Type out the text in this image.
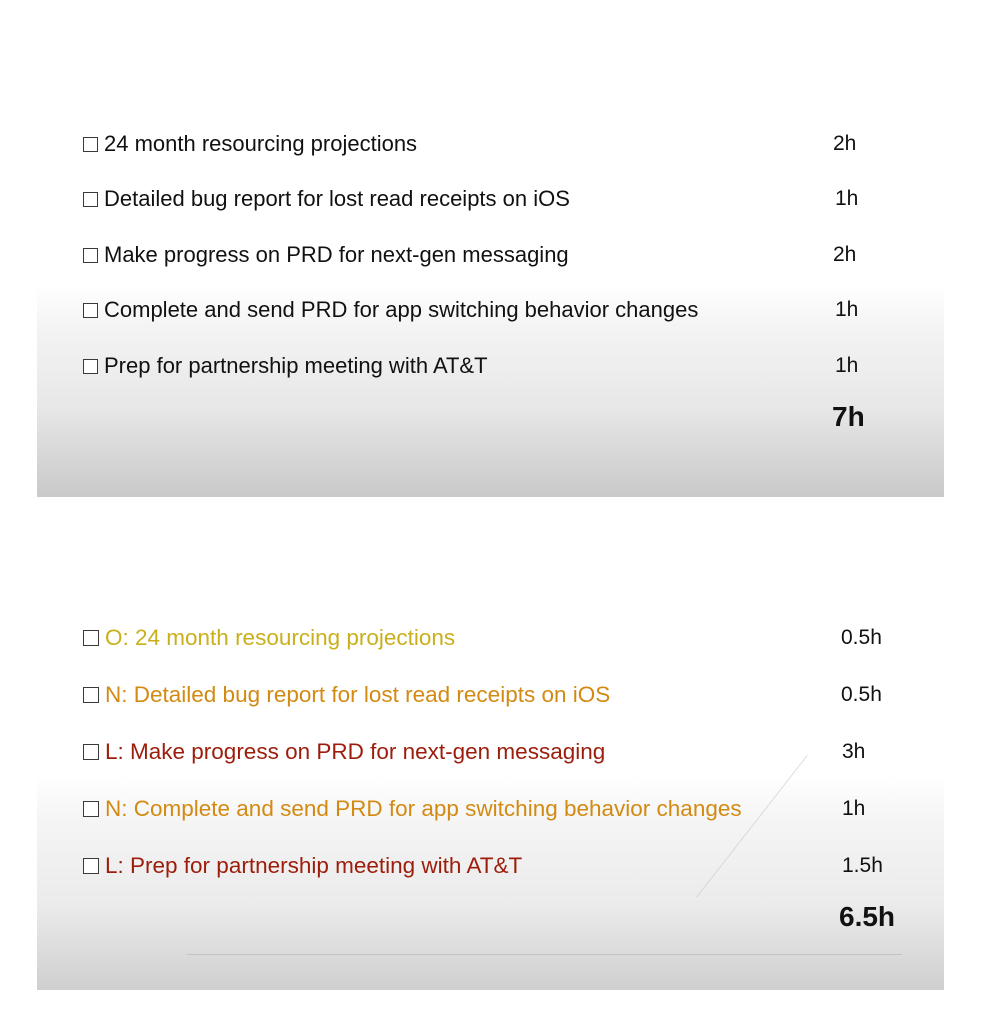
24 month resourcing projections	2h
Detailed bug report for lost read receipts on iOS	1h
Make progress on PRD for next-gen messaging	2h
Complete and send PRD for app switching behavior changes	1h
Prep for partnership meeting with AT&T	1h
7h
O: 24 month resourcing projections	0.5h
N: Detailed bug report for lost read receipts on iOS	0.5h
L: Make progress on PRD for next-gen messaging	3h
N: Complete and send PRD for app switching behavior changes	1h
L: Prep for partnership meeting with AT&T	1.5h
6.5h
